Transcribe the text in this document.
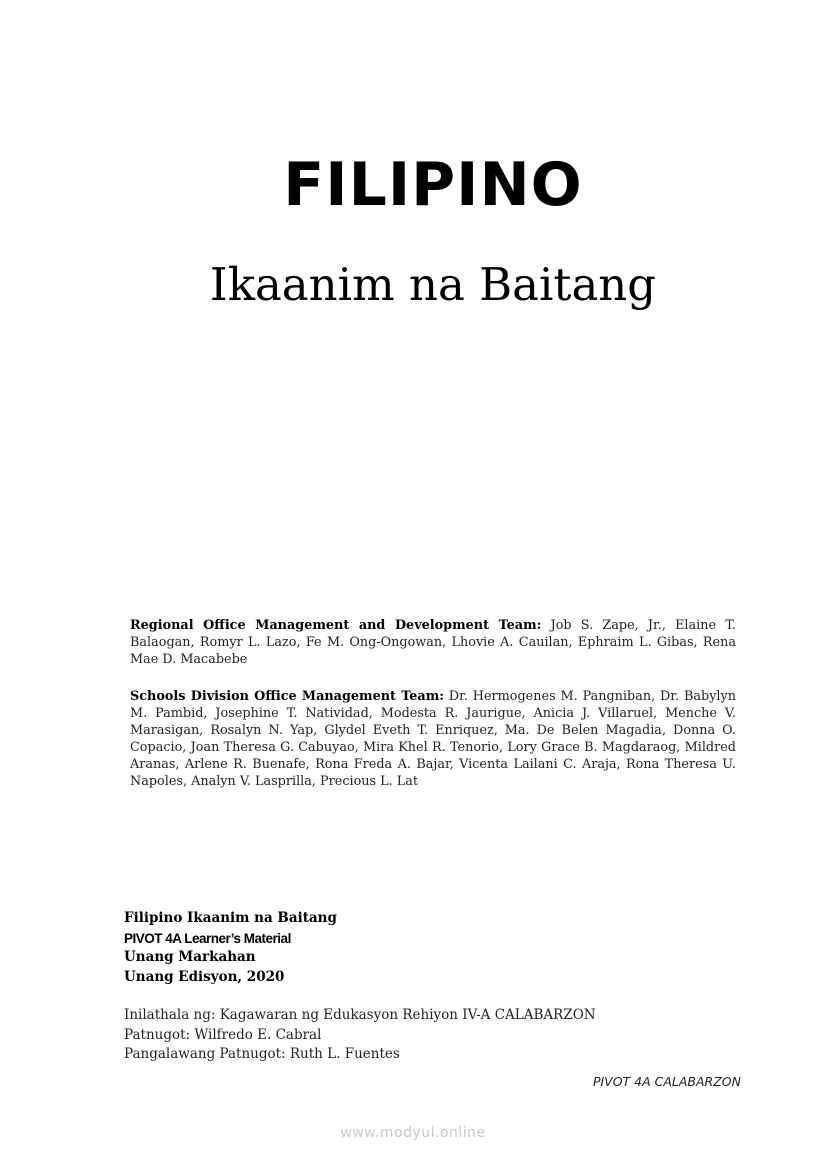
FILIPINO
Ikaanim na Baitang
Regional Office Management and Development Team: Job S. Zape, Jr., Elaine T. Balaogan, Romyr L. Lazo, Fe M. Ong-Ongowan, Lhovie A. Cauilan, Ephraim L. Gibas, Rena Mae D. Macabebe
Schools Division Office Management Team: Dr. Hermogenes M. Pangniban, Dr. Babylyn M. Pambid, Josephine T. Natividad, Modesta R. Jaurigue, Anicia J. Villaruel, Menche V. Marasigan, Rosalyn N. Yap, Glydel Eveth T. Enriquez, Ma. De Belen Magadia, Donna O. Copacio, Joan Theresa G. Cabuyao, Mira Khel R. Tenorio, Lory Grace B. Magdaraog, Mildred Aranas, Arlene R. Buenafe, Rona Freda A. Bajar, Vicenta Lailani C. Araja, Rona Theresa U. Napoles, Analyn V. Lasprilla, Precious L. Lat
Filipino Ikaanim na Baitang
PIVOT 4A Learner’s Material
Unang Markahan
Unang Edisyon, 2020
Inilathala ng: Kagawaran ng Edukasyon Rehiyon IV-A CALABARZON
Patnugot: Wilfredo E. Cabral
Pangalawang Patnugot: Ruth L. Fuentes
PIVOT 4A CALABARZON
www.modyul.online
